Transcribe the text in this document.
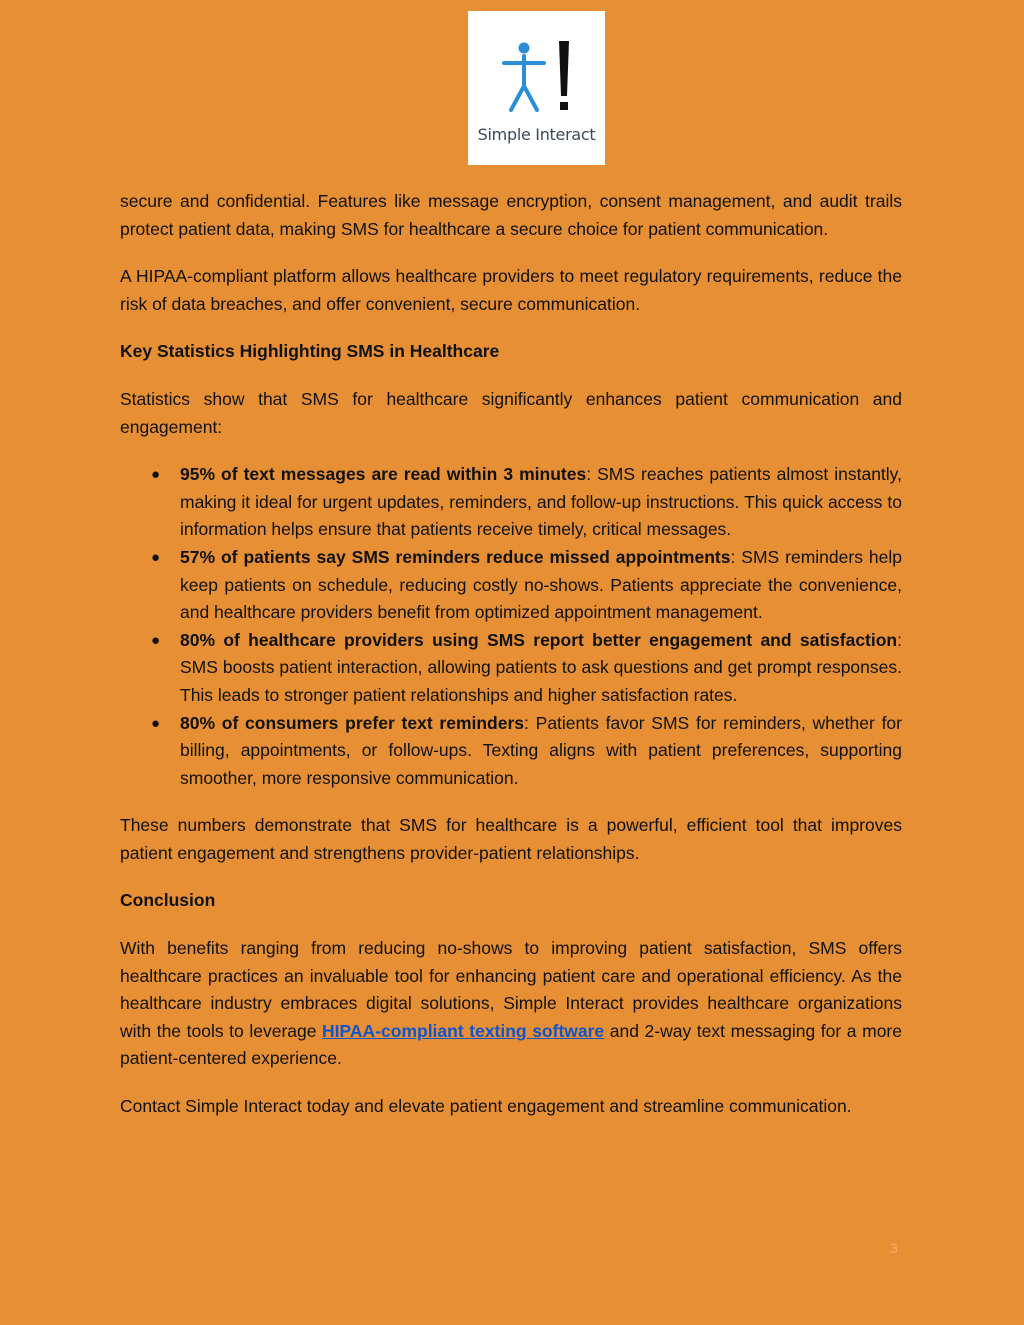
Simple Interact

secure and confidential. Features like message encryption, consent management, and audit trails protect patient data, making SMS for healthcare a secure choice for patient communication.

A HIPAA-compliant platform allows healthcare providers to meet regulatory requirements, reduce the risk of data breaches, and offer convenient, secure communication.

Key Statistics Highlighting SMS in Healthcare

Statistics show that SMS for healthcare significantly enhances patient communication and engagement:

● 95% of text messages are read within 3 minutes: SMS reaches patients almost instantly, making it ideal for urgent updates, reminders, and follow-up instructions. This quick access to information helps ensure that patients receive timely, critical messages.
● 57% of patients say SMS reminders reduce missed appointments: SMS reminders help keep patients on schedule, reducing costly no-shows. Patients appreciate the convenience, and healthcare providers benefit from optimized appointment management.
● 80% of healthcare providers using SMS report better engagement and satisfaction: SMS boosts patient interaction, allowing patients to ask questions and get prompt responses. This leads to stronger patient relationships and higher satisfaction rates.
● 80% of consumers prefer text reminders: Patients favor SMS for reminders, whether for billing, appointments, or follow-ups. Texting aligns with patient preferences, supporting smoother, more responsive communication.

These numbers demonstrate that SMS for healthcare is a powerful, efficient tool that improves patient engagement and strengthens provider-patient relationships.

Conclusion

With benefits ranging from reducing no-shows to improving patient satisfaction, SMS offers healthcare practices an invaluable tool for enhancing patient care and operational efficiency. As the healthcare industry embraces digital solutions, Simple Interact provides healthcare organizations with the tools to leverage HIPAA-compliant texting software and 2-way text messaging for a more patient-centered experience.

Contact Simple Interact today and elevate patient engagement and streamline communication.

3
